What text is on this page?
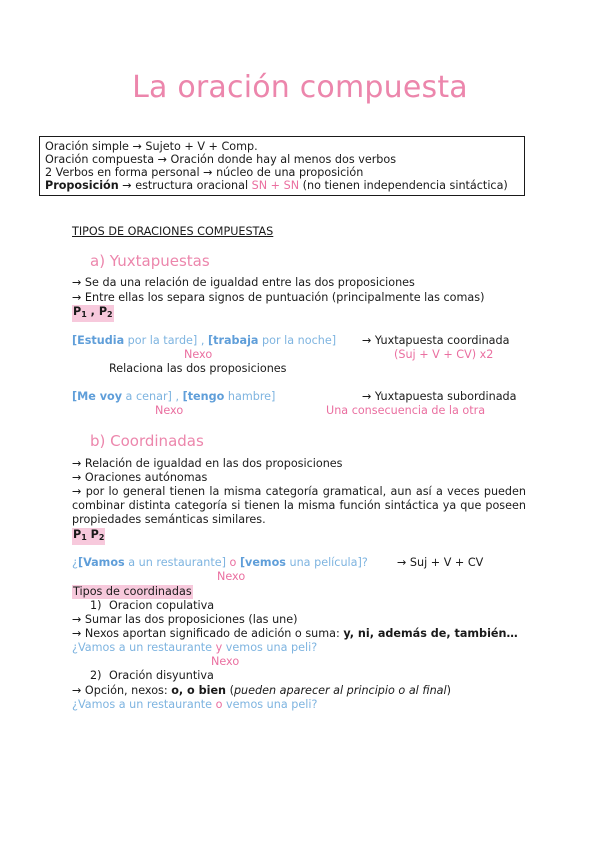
La oración compuesta
Oración simple → Sujeto + V + Comp.
Oración compuesta → Oración donde hay al menos dos verbos
2 Verbos en forma personal → núcleo de una proposición
Proposición → estructura oracional SN + SN (no tienen independencia sintáctica)
TIPOS DE ORACIONES COMPUESTAS
a) Yuxtapuestas
→ Se da una relación de igualdad entre las dos proposiciones
→ Entre ellas los separa signos de puntuación (principalmente las comas)
$P_1$ , $P_2$
[Estudia por la tarde] , [trabaja por la noche]
Nexo
→ Yuxtapuesta coordinada
(Suj + V + CV) x2
Relaciona las dos proposiciones
[Me voy a cenar] , [tengo hambre]
Nexo
→ Yuxtapuesta subordinada
Una consecuencia de la otra
b) Coordinadas
→ Relación de igualdad en las dos proposiciones
→ Oraciones autónomas
→ por lo general tienen la misma categoría gramatical, aun así a veces pueden combinar distinta categoría si tienen la misma función sintáctica ya que poseen propiedades semánticas similares.
$P_1$ $P_2$
¿[Vamos a un restaurante] o [vemos una película]?	→ Suj + V + CV
Nexo
Tipos de coordinadas
1) Oracion copulativa
→ Sumar las dos proposiciones (las une)
→ Nexos aportan significado de adición o suma: y, ni, además de, también…
¿Vamos a un restaurante y vemos una peli?
Nexo
2) Oración disyuntiva
→ Opción, nexos: o, o bien (pueden aparecer al principio o al final)
¿Vamos a un restaurante o vemos una peli?
